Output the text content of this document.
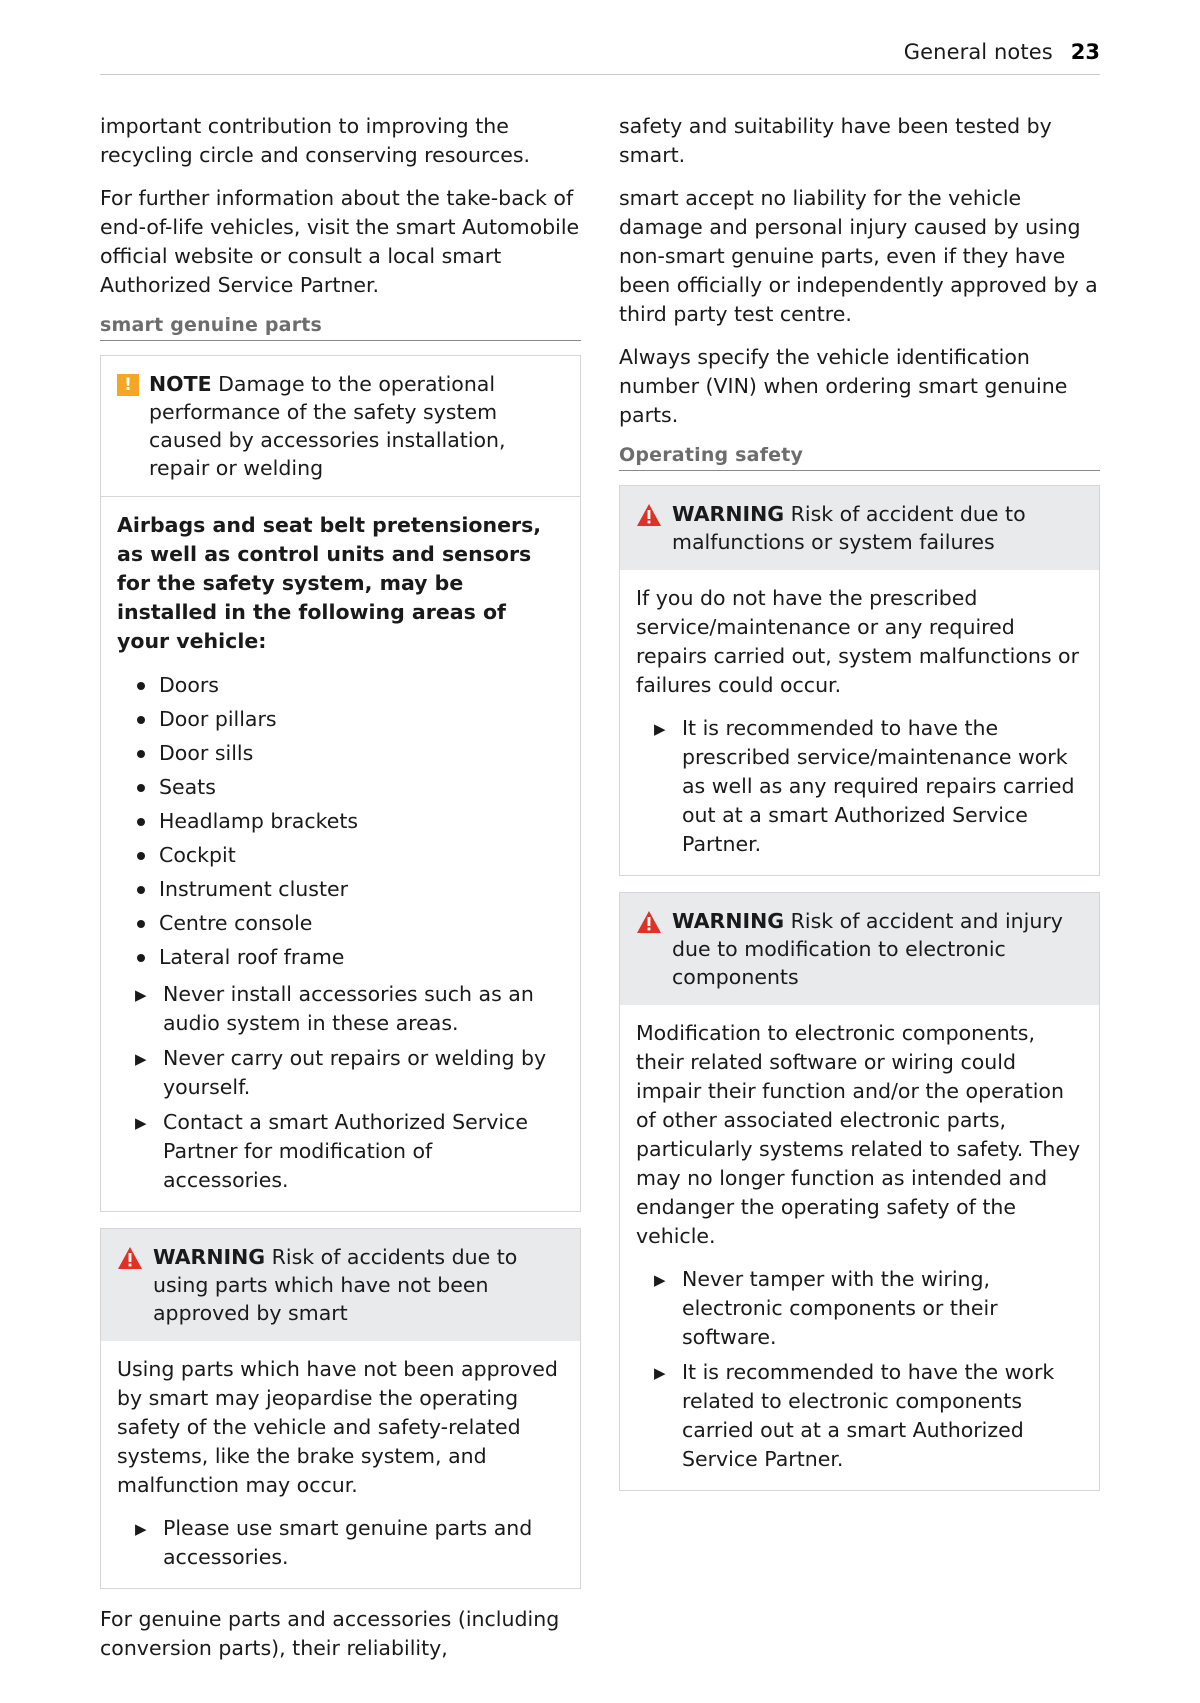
General notes 23

important contribution to improving the recycling circle and conserving resources.

For further information about the take-back of end-of-life vehicles, visit the smart Automobile official website or consult a local smart Authorized Service Partner.

smart genuine parts
! NOTE Damage to the operational performance of the safety system caused by accessories installation, repair or welding

Airbags and seat belt pretensioners, as well as control units and sensors for the safety system, may be installed in the following areas of your vehicle:

Doors
Door pillars
Door sills
Seats
Headlamp brackets
Cockpit
Instrument cluster
Centre console
Lateral roof frame
▶ Never install accessories such as an audio system in these areas.
▶ Never carry out repairs or welding by yourself.
▶ Contact a smart Authorized Service Partner for modification of accessories.
WARNING Risk of accidents due to using parts which have not been approved by smart

Using parts which have not been approved by smart may jeopardise the operating safety of the vehicle and safety-related systems, like the brake system, and malfunction may occur.

▶ Please use smart genuine parts and accessories.

For genuine parts and accessories (including conversion parts), their reliability,

safety and suitability have been tested by smart.

smart accept no liability for the vehicle damage and personal injury caused by using non-smart genuine parts, even if they have been officially or independently approved by a third party test centre.

Always specify the vehicle identification number (VIN) when ordering smart genuine parts.

Operating safety
WARNING Risk of accident due to malfunctions or system failures

If you do not have the prescribed service/maintenance or any required repairs carried out, system malfunctions or failures could occur.

▶ It is recommended to have the prescribed service/maintenance work as well as any required repairs carried out at a smart Authorized Service Partner.
WARNING Risk of accident and injury due to modification to electronic components

Modification to electronic components, their related software or wiring could impair their function and/or the operation of other associated electronic parts, particularly systems related to safety. They may no longer function as intended and endanger the operating safety of the vehicle.

▶ Never tamper with the wiring, electronic components or their software.
▶ It is recommended to have the work related to electronic components carried out at a smart Authorized Service Partner.
